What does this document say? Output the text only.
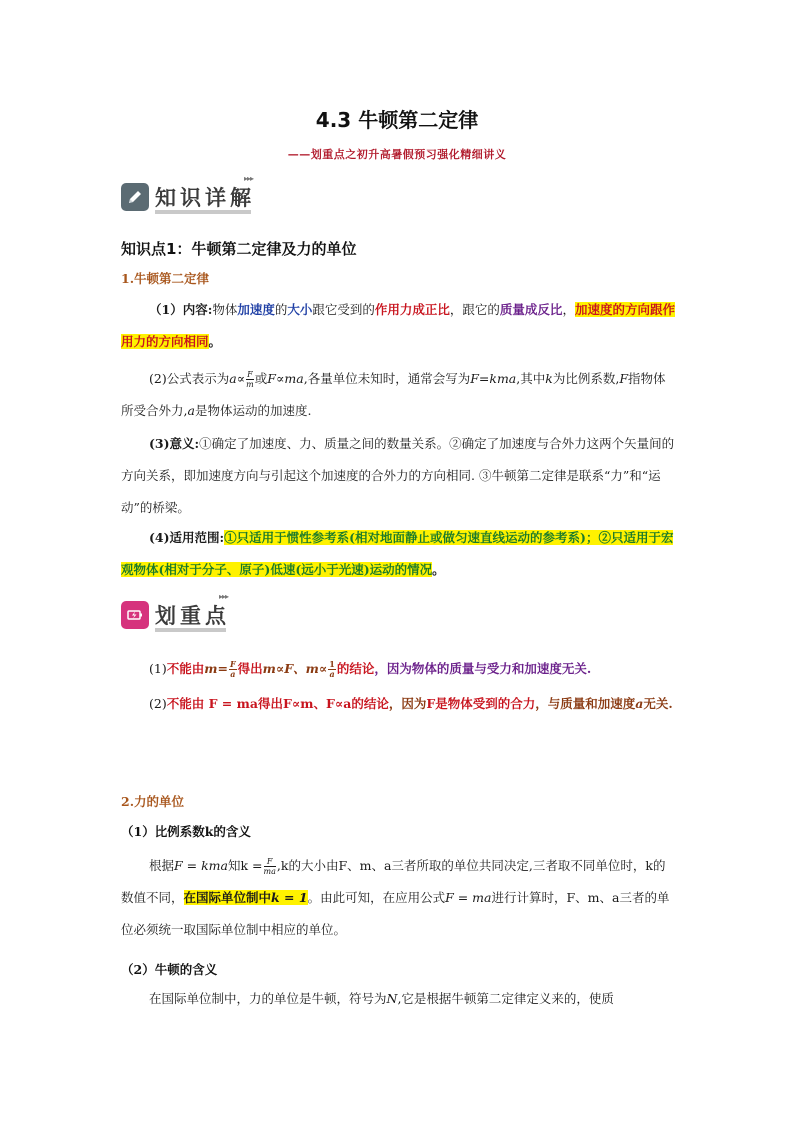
4.3 牛顿第二定律
——划重点之初升高暑假预习强化精细讲义
知识详解
▸▸▸
知识点1：牛顿第二定律及力的单位
1.牛顿第二定律
（1）内容:物体加速度的大小跟它受到的作用力成正比，跟它的质量成反比，加速度的方向跟作用力的方向相同。
(2)公式表示为$a\propto \frac{F}{m}$ 或F∝ma,各量单位未知时，通常会写为F=kma,其中k为比例系数,F指物体所受合外力,a是物体运动的加速度.
(3)意义:①确定了加速度、力、质量之间的数量关系。②确定了加速度与合外力这两个矢量间的方向关系，即加速度方向与引起这个加速度的合外力的方向相同. ③牛顿第二定律是联系“力”和“运动”的桥梁。
(4)适用范围:①只适用于惯性参考系(相对地面静止或做匀速直线运动的参考系)；②只适用于宏观物体(相对于分子、原子)低速(远小于光速)运动的情况。
划重点
▸▸▸
(1)不能由$m= \frac{F}{a}$ 得出m∝F、$m\propto \frac{1}{a}$ 的结论，因为物体的质量与受力和加速度无关.
(2)不能由 F = ma得出F∝m、F∝a的结论，因为F是物体受到的合力，与质量和加速度a无关.
2.力的单位
（1）比例系数k的含义
根据F = kma知$k = \frac{F}{ma} ,k$的大小由F、m、a三者所取的单位共同决定,三者取不同单位时，k的数值不同，在国际单位制中k = 1。由此可知，在应用公式F = ma进行计算时，F、m、a三者的单位必须统一取国际单位制中相应的单位。
（2）牛顿的含义
在国际单位制中，力的单位是牛顿，符号为N,它是根据牛顿第二定律定义来的，使质
